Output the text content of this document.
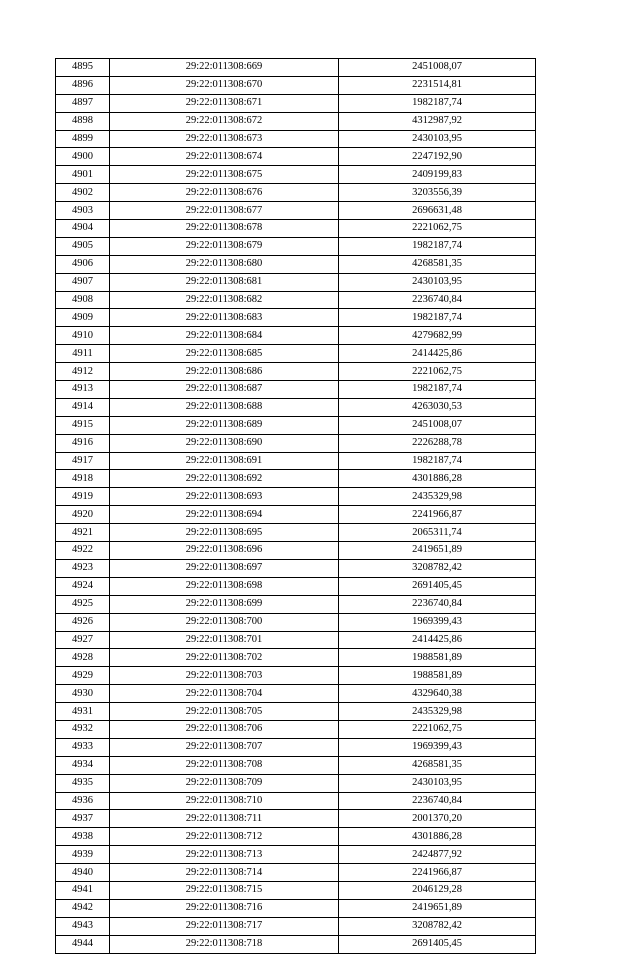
4895	29:22:011308:669	2451008,07
4896	29:22:011308:670	2231514,81
4897	29:22:011308:671	1982187,74
4898	29:22:011308:672	4312987,92
4899	29:22:011308:673	2430103,95
4900	29:22:011308:674	2247192,90
4901	29:22:011308:675	2409199,83
4902	29:22:011308:676	3203556,39
4903	29:22:011308:677	2696631,48
4904	29:22:011308:678	2221062,75
4905	29:22:011308:679	1982187,74
4906	29:22:011308:680	4268581,35
4907	29:22:011308:681	2430103,95
4908	29:22:011308:682	2236740,84
4909	29:22:011308:683	1982187,74
4910	29:22:011308:684	4279682,99
4911	29:22:011308:685	2414425,86
4912	29:22:011308:686	2221062,75
4913	29:22:011308:687	1982187,74
4914	29:22:011308:688	4263030,53
4915	29:22:011308:689	2451008,07
4916	29:22:011308:690	2226288,78
4917	29:22:011308:691	1982187,74
4918	29:22:011308:692	4301886,28
4919	29:22:011308:693	2435329,98
4920	29:22:011308:694	2241966,87
4921	29:22:011308:695	2065311,74
4922	29:22:011308:696	2419651,89
4923	29:22:011308:697	3208782,42
4924	29:22:011308:698	2691405,45
4925	29:22:011308:699	2236740,84
4926	29:22:011308:700	1969399,43
4927	29:22:011308:701	2414425,86
4928	29:22:011308:702	1988581,89
4929	29:22:011308:703	1988581,89
4930	29:22:011308:704	4329640,38
4931	29:22:011308:705	2435329,98
4932	29:22:011308:706	2221062,75
4933	29:22:011308:707	1969399,43
4934	29:22:011308:708	4268581,35
4935	29:22:011308:709	2430103,95
4936	29:22:011308:710	2236740,84
4937	29:22:011308:711	2001370,20
4938	29:22:011308:712	4301886,28
4939	29:22:011308:713	2424877,92
4940	29:22:011308:714	2241966,87
4941	29:22:011308:715	2046129,28
4942	29:22:011308:716	2419651,89
4943	29:22:011308:717	3208782,42
4944	29:22:011308:718	2691405,45
